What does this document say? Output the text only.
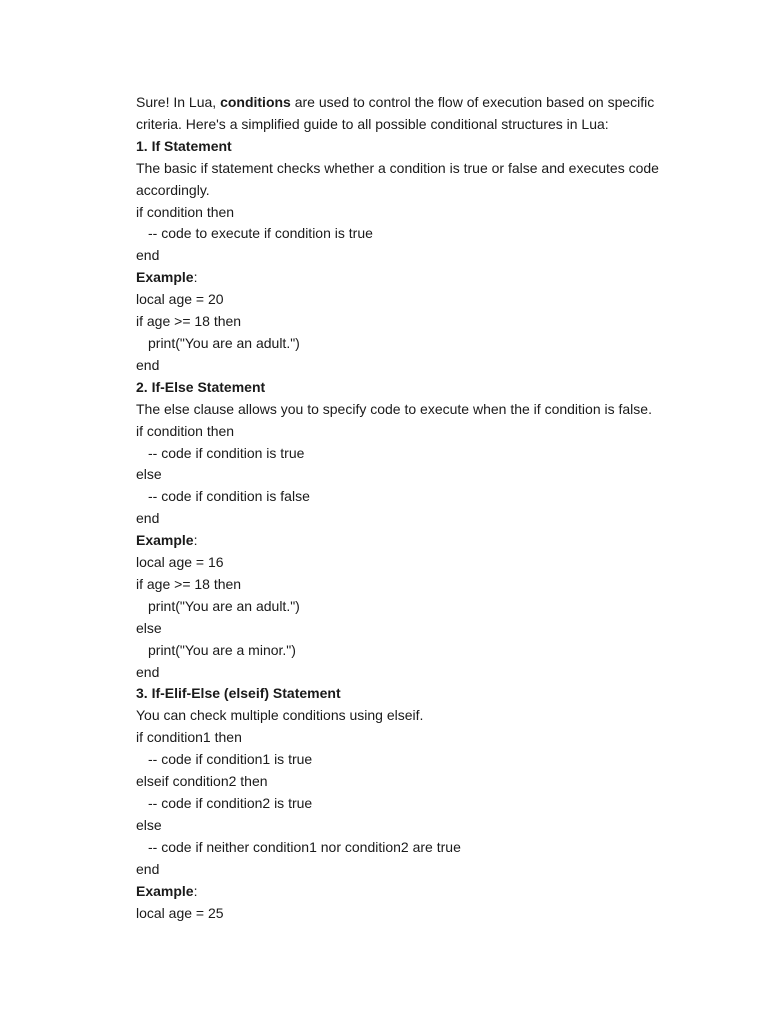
Sure! In Lua, conditions are used to control the flow of execution based on specific criteria. Here's a simplified guide to all possible conditional structures in Lua:

1. If Statement

The basic if statement checks whether a condition is true or false and executes code accordingly.

if condition then

-- code to execute if condition is true

end

Example:

local age = 20

if age >= 18 then

print("You are an adult.")

end

2. If-Else Statement

The else clause allows you to specify code to execute when the if condition is false.

if condition then

-- code if condition is true

else

-- code if condition is false

end

Example:

local age = 16

if age >= 18 then

print("You are an adult.")

else

print("You are a minor.")

end

3. If-Elif-Else (elseif) Statement

You can check multiple conditions using elseif.

if condition1 then

-- code if condition1 is true

elseif condition2 then

-- code if condition2 is true

else

-- code if neither condition1 nor condition2 are true

end

Example:

local age = 25
